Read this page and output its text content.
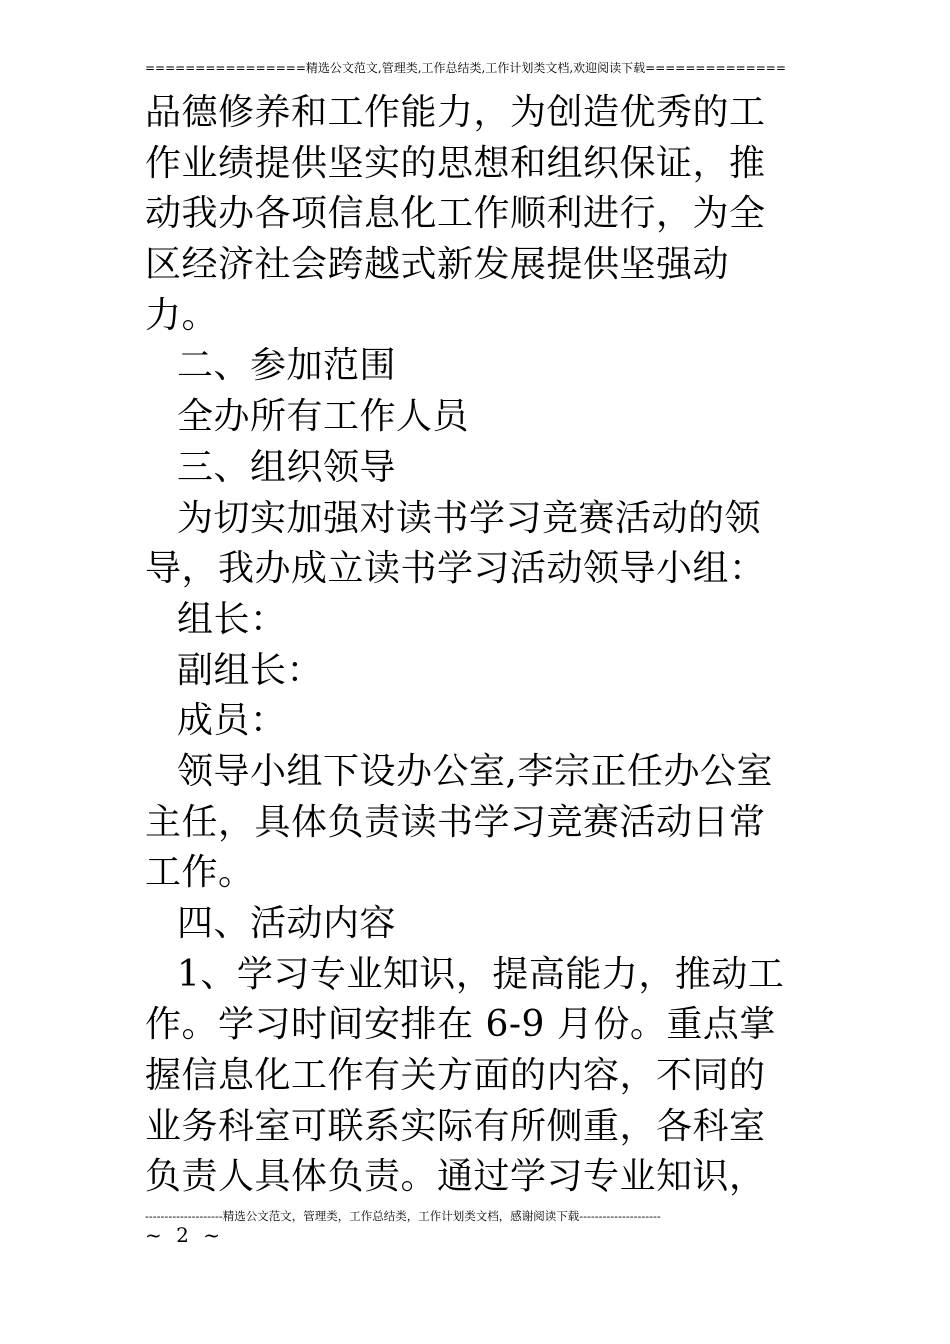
================精选公文范文,管理类,工作总结类,工作计划类文档,欢迎阅读下载==============
品德修养和工作能力，为创造优秀的工
作业绩提供坚实的思想和组织保证，推
动我办各项信息化工作顺利进行，为全
区经济社会跨越式新发展提供坚强动
力。
二、参加范围
全办所有工作人员
三、组织领导
为切实加强对读书学习竞赛活动的领
导，我办成立读书学习活动领导小组：
组长：
副组长：
成员：
领导小组下设办公室,李宗正任办公室
主任，具体负责读书学习竞赛活动日常
工作。
四、活动内容
1、学习专业知识，提高能力，推动工
作。学习时间安排在 6-9 月份。重点掌
握信息化工作有关方面的内容，不同的
业务科室可联系实际有所侧重，各科室
负责人具体负责。通过学习专业知识，
--------------------精选公文范文，管理类，工作总结类，工作计划类文档，感谢阅读下载---------------------
~ 2 ~
